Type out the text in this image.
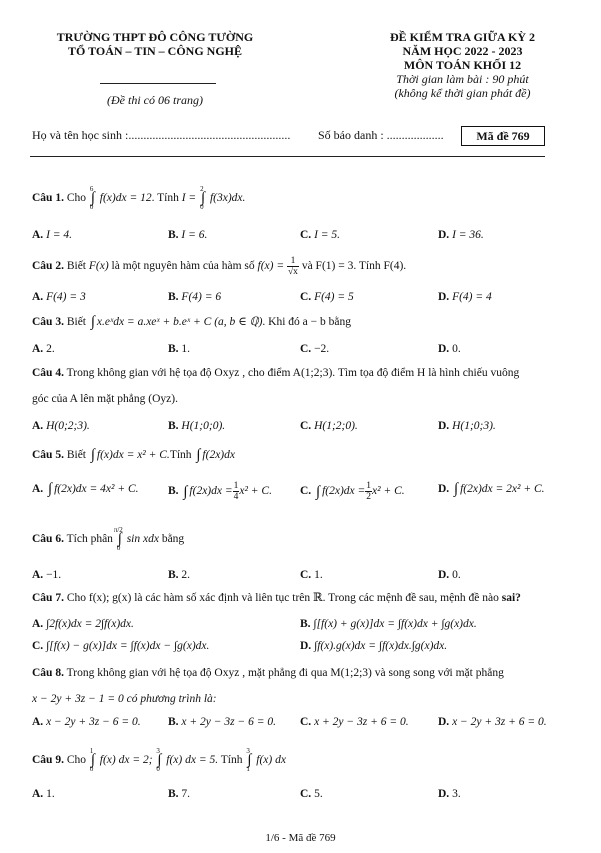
TRƯỜNG THPT ĐÔ CÔNG TƯỜNG
TỔ TOÁN – TIN – CÔNG NGHỆ
(Đề thi có 06 trang)
ĐỀ KIỂM TRA GIỮA KỲ 2
NĂM HỌC 2022 - 2023
MÔN TOÁN KHỐI 12
Thời gian làm bài : 90 phút
(không kể thời gian phát đề)
Họ và tên học sinh :...................................................... Số báo danh : ...................	Mã đề 769
Câu 1. Cho ∫
6
0
f(x)dx = 12. Tính I = ∫
2
0
f(3x)dx.
A. I = 4.	B. I = 6.	C. I = 5.	D. I = 36.
Câu 2. Biết F(x) là một nguyên hàm của hàm số $f(x) = \frac{1}{√x}$ và F(1) = 3. Tính F(4).
A. F(4) = 3	B. F(4) = 6	C. F(4) = 5	D. F(4) = 4
Câu 3. Biết ∫ x.eˣdx = a.xeˣ + b.eˣ + C (a, b ∈ ℚ). Khi đó a − b bằng
A. 2.	B. 1.	C. −2.	D. 0.
Câu 4. Trong không gian với hệ tọa độ Oxyz , cho điểm A(1;2;3). Tìm tọa độ điểm H là hình chiếu vuông
góc của A lên mặt phẳng (Oyz).
A. H(0;2;3).	B. H(1;0;0).	C. H(1;2;0).	D. H(1;0;3).
Câu 5. Biết ∫ f(x)dx = x² + C.Tính ∫ f(2x)dx
A. ∫ f(2x)dx = 4x² + C.	B. ∫ $f(2x)dx = \frac{1}{4} x^2 + C$. C. ∫ $f(2x)dx = \frac{1}{2} x^2 + C$.	D. ∫ f(2x)dx = 2x² + C.
Câu 6. Tích phân ∫
π/2
0
sin xdx bằng
A. −1.	B. 2.	C. 1.	D. 0.
Câu 7. Cho f(x); g(x) là các hàm số xác định và liên tục trên ℝ. Trong các mệnh đề sau, mệnh đề nào sai?
A. ∫2f(x)dx = 2∫f(x)dx.	B. ∫[f(x) + g(x)]dx = ∫f(x)dx + ∫g(x)dx.
C. ∫[f(x) − g(x)]dx = ∫f(x)dx − ∫g(x)dx.	D. ∫f(x).g(x)dx = ∫f(x)dx.∫g(x)dx.
Câu 8. Trong không gian với hệ tọa độ Oxyz , mặt phẳng đi qua M(1;2;3) và song song với mặt phẳng
x − 2y + 3z − 1 = 0 có phương trình là:
A. x − 2y + 3z − 6 = 0. B. x + 2y − 3z − 6 = 0. C. x + 2y − 3z + 6 = 0.	D. x − 2y + 3z + 6 = 0.
Câu 9. Cho ∫
1
0
f(x) dx = 2; ∫
3
0
f(x) dx = 5. Tính ∫
3
1
f(x) dx
A. 1.	B. 7.	C. 5.	D. 3.
1/6 - Mã đề 769
